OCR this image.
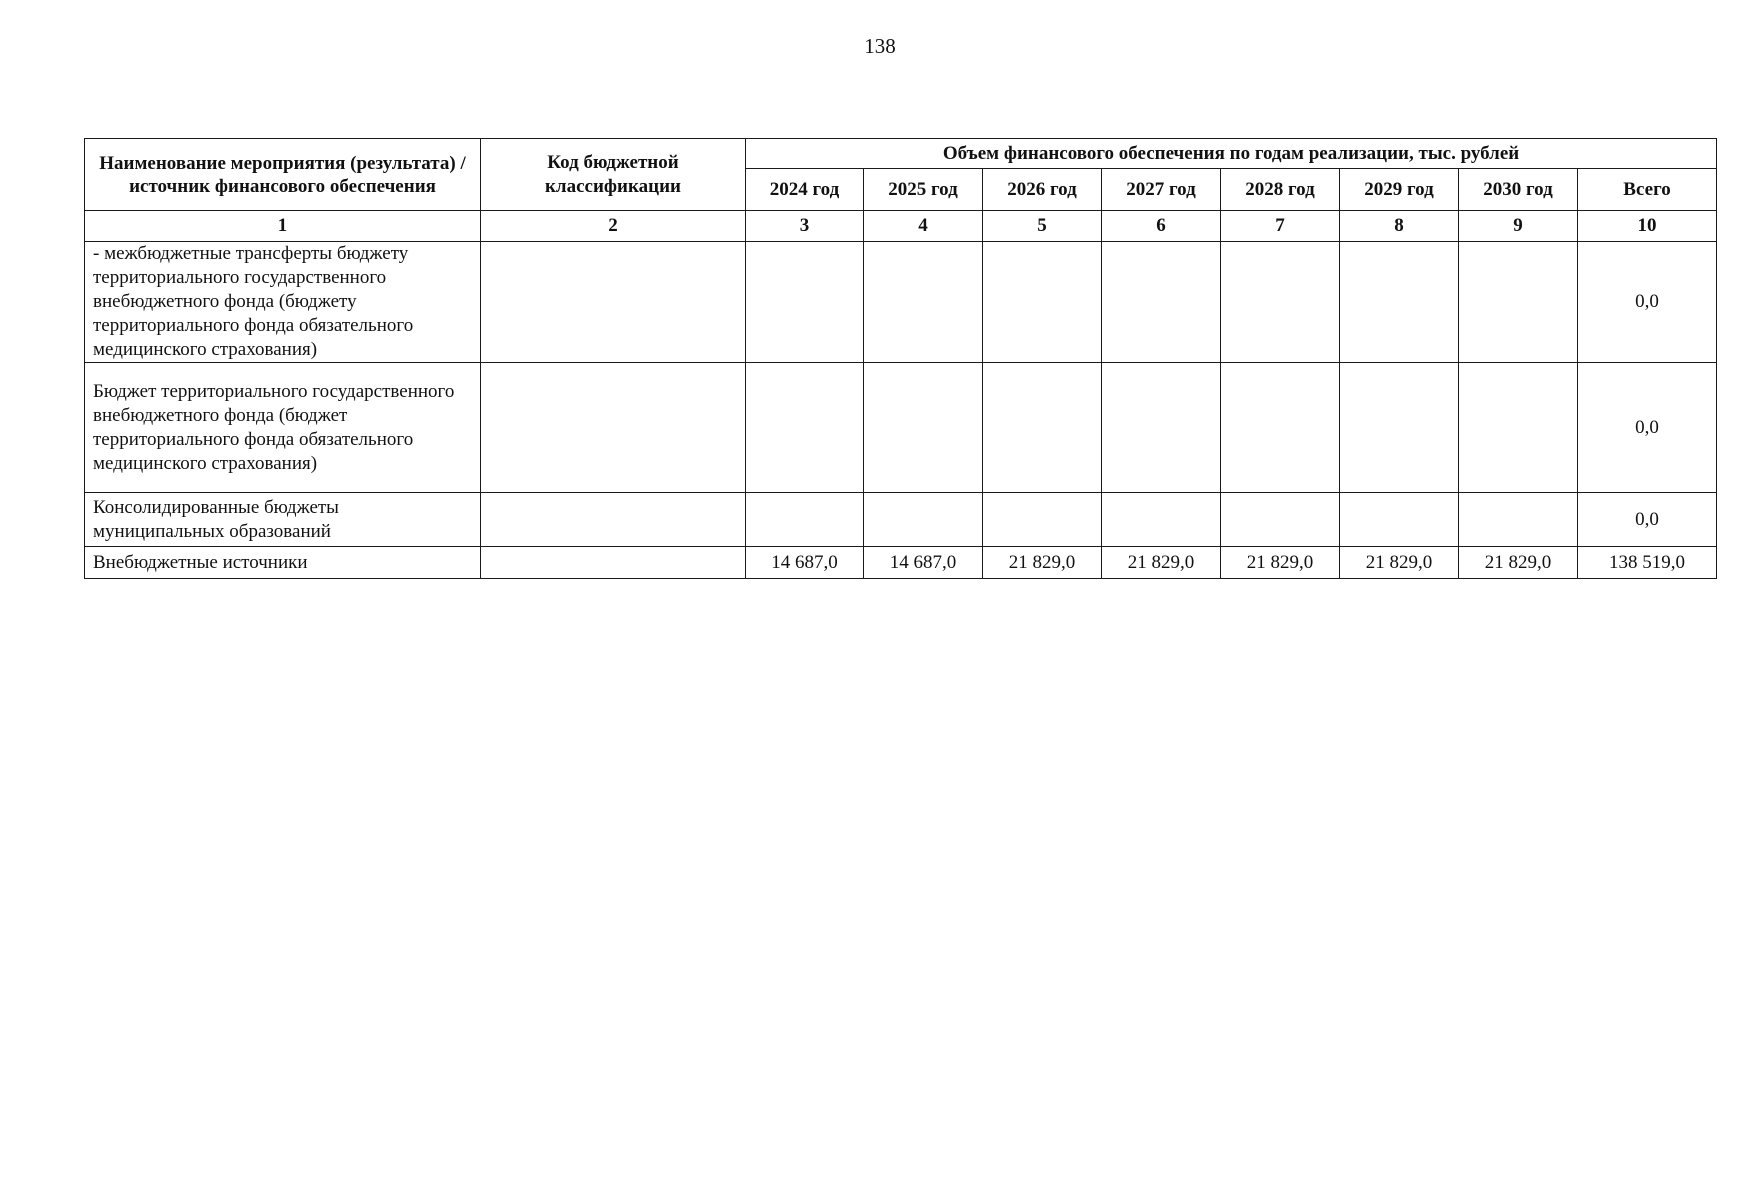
138
Наименование мероприятия (результата) / источник финансового обеспечения	Код бюджетной классификации	Объем финансового обеспечения по годам реализации, тыс. рублей							
		2024 год	2025 год	2026 год	2027 год	2028 год	2029 год	2030 год	Всего
1	2	3	4	5	6	7	8	9	10
- межбюджетные трансферты бюджету территориального государственного внебюджетного фонда (бюджету территориального фонда обязательного медицинского страхования)									0,0
Бюджет территориального государственного внебюджетного фонда (бюджет территориального фонда обязательного медицинского страхования)									0,0
Консолидированные бюджеты муниципальных образований									0,0
Внебюджетные источники		14 687,0	14 687,0	21 829,0	21 829,0	21 829,0	21 829,0	21 829,0	138 519,0
